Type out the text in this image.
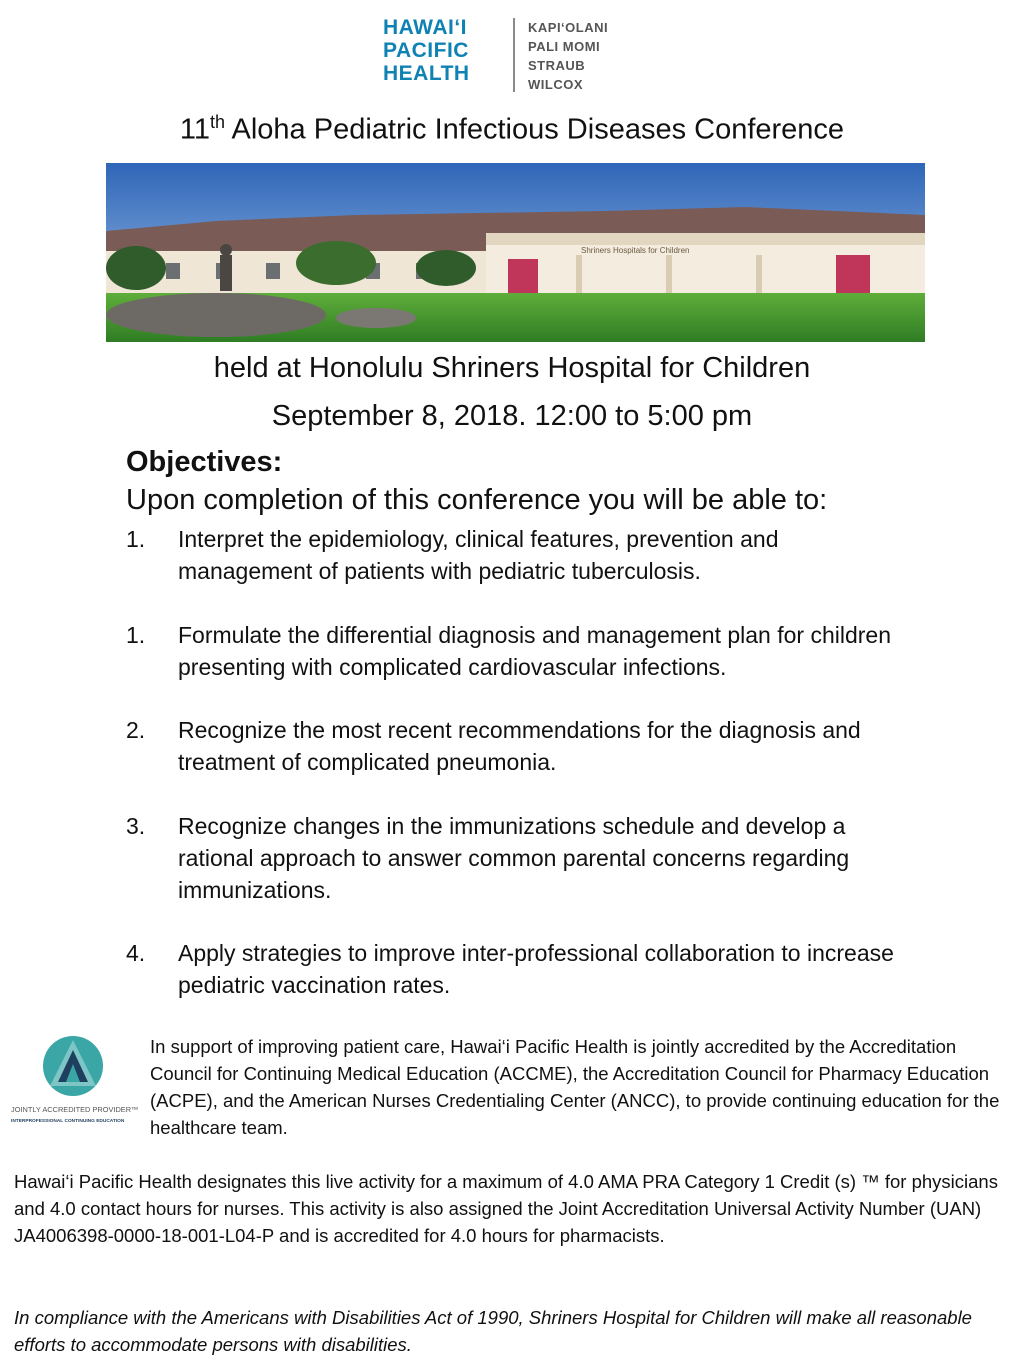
HAWAI‘I
PACIFIC
HEALTH
KAPI‘OLANI
PALI MOMI
STRAUB
WILCOX
11th Aloha Pediatric Infectious Diseases Conference
Shriners Hospitals for Children
held at Honolulu Shriners Hospital for Children
September 8, 2018. 12:00 to 5:00 pm
Objectives:
Upon completion of this conference you will be able to:
1. Interpret the epidemiology, clinical features, prevention and management of patients with pediatric tuberculosis.
1. Formulate the differential diagnosis and management plan for children presenting with complicated cardiovascular infections.
2. Recognize the most recent recommendations for the diagnosis and treatment of complicated pneumonia.
3. Recognize changes in the immunizations schedule and develop a rational approach to answer common parental concerns regarding immunizations.
4. Apply strategies to improve inter-professional collaboration to increase pediatric vaccination rates.
JOINTLY ACCREDITED PROVIDER™
INTERPROFESSIONAL CONTINUING EDUCATION
In support of improving patient care, Hawai‘i Pacific Health is jointly accredited by the Accreditation Council for Continuing Medical Education (ACCME), the Accreditation Council for Pharmacy Education (ACPE), and the American Nurses Credentialing Center (ANCC), to provide continuing education for the healthcare team.
Hawai‘i Pacific Health designates this live activity for a maximum of 4.0 AMA PRA Category 1 Credit (s) ™ for physicians and 4.0 contact hours for nurses. This activity is also assigned the Joint Accreditation Universal Activity Number (UAN) JA4006398-0000-18-001-L04-P and is accredited for 4.0 hours for pharmacists.
In compliance with the Americans with Disabilities Act of 1990, Shriners Hospital for Children will make all reasonable efforts to accommodate persons with disabilities.
